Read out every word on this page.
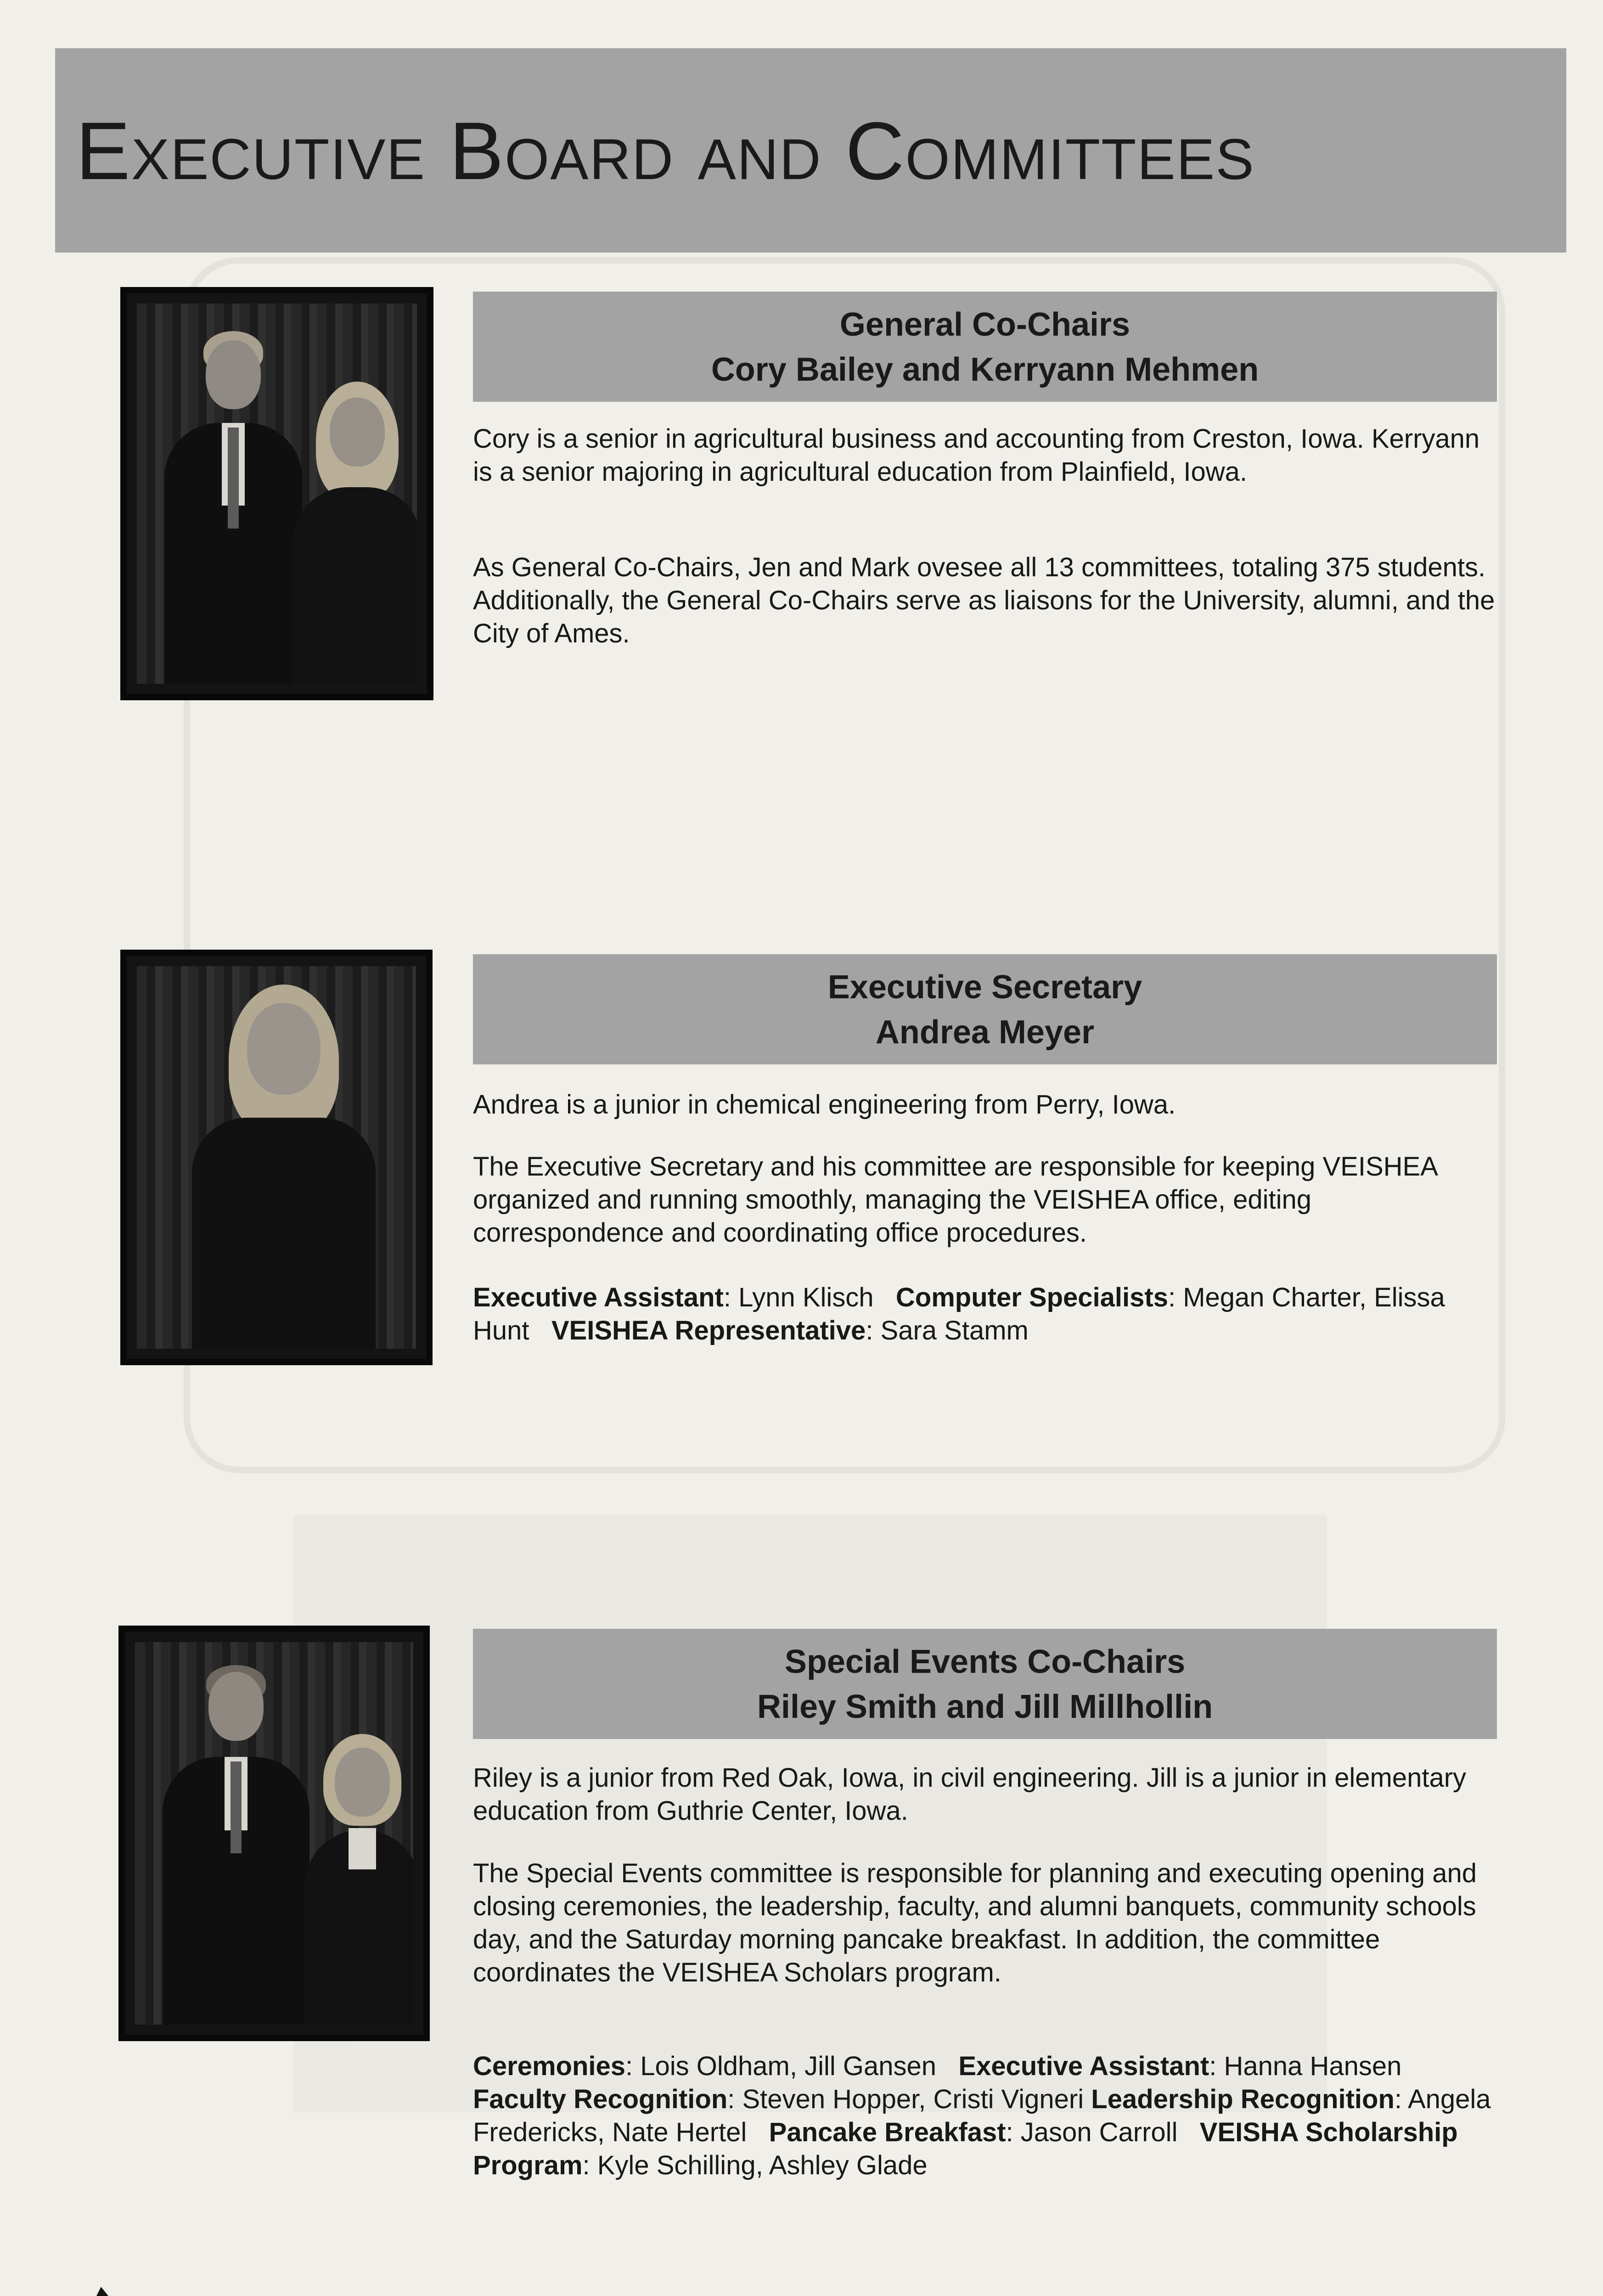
Executive Board and Committees
General Co-Chairs
Cory Bailey and Kerryann Mehmen

Cory is a senior in agricultural business and accounting from Creston, Iowa. Kerryann is a senior majoring in agricultural education from Plainfield, Iowa.

As General Co-Chairs, Jen and Mark ovesee all 13 committees, totaling 375 students. Additionally, the General Co-Chairs serve as liaisons for the University, alumni, and the City of Ames.

Executive Secretary
Andrea Meyer

Andrea is a junior in chemical engineering from Perry, Iowa.

The Executive Secretary and his committee are responsible for keeping VEISHEA organized and running smoothly, managing the VEISHEA office, editing correspondence and coordinating office procedures.

Executive Assistant: Lynn Klisch Computer Specialists: Megan Charter, Elissa Hunt VEISHEA Representative: Sara Stamm

Special Events Co-Chairs
Riley Smith and Jill Millhollin

Riley is a junior from Red Oak, Iowa, in civil engineering. Jill is a junior in elementary education from Guthrie Center, Iowa.

The Special Events committee is responsible for planning and executing opening and closing ceremonies, the leadership, faculty, and alumni banquets, community schools day, and the Saturday morning pancake breakfast. In addition, the committee coordinates the VEISHEA Scholars program.

Ceremonies: Lois Oldham, Jill Gansen Executive Assistant: Hanna Hansen   Faculty Recognition: Steven Hopper, Cristi Vigneri Leadership Recognition: Angela Fredericks, Nate Hertel Pancake Breakfast: Jason Carroll VEISHA Scholarship Program: Kyle Schilling, Ashley Glade
